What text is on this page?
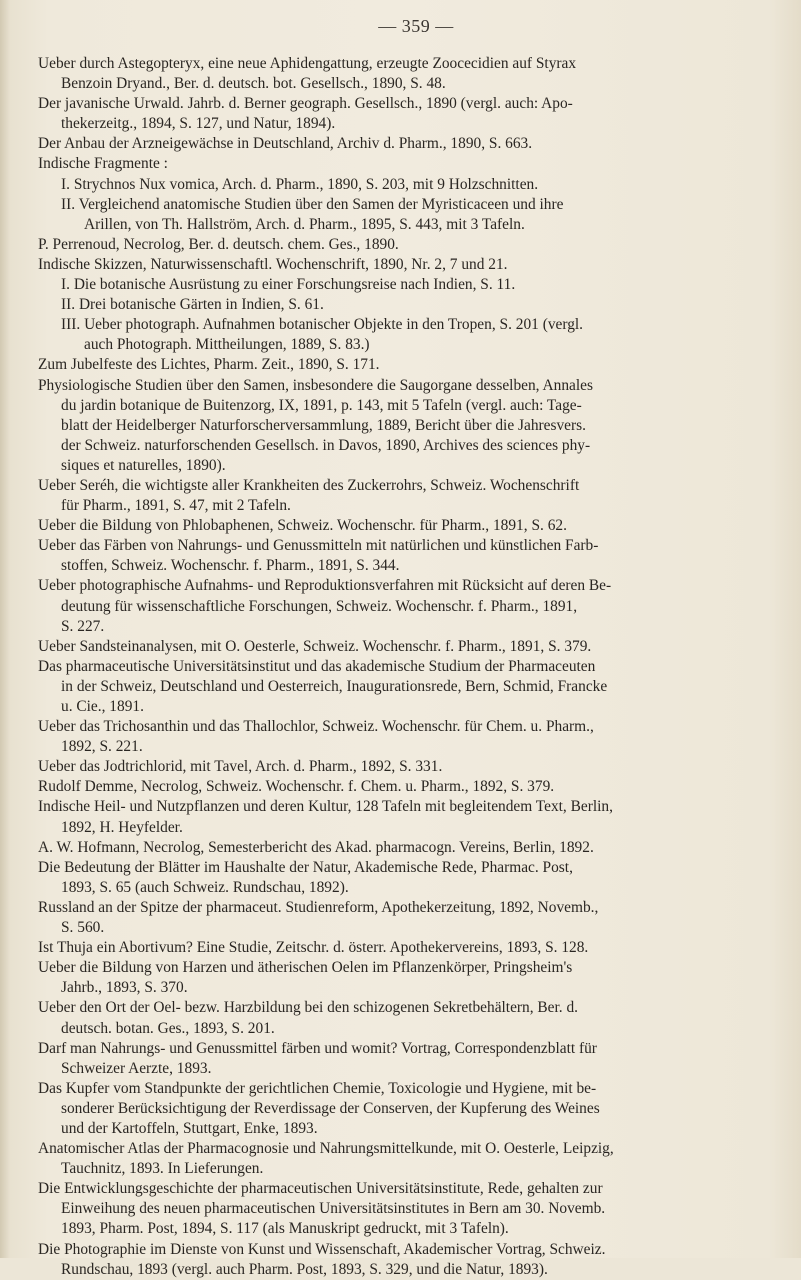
— 359 —
Ueber durch Astegopteryx, eine neue Aphidengattung, erzeugte Zoocecidien auf Styrax
Benzoin Dryand., Ber. d. deutsch. bot. Gesellsch., 1890, S. 48.
Der javanische Urwald. Jahrb. d. Berner geograph. Gesellsch., 1890 (vergl. auch: Apo-
thekerzeitg., 1894, S. 127, und Natur, 1894).
Der Anbau der Arzneigewächse in Deutschland, Archiv d. Pharm., 1890, S. 663.
Indische Fragmente :
I. Strychnos Nux vomica, Arch. d. Pharm., 1890, S. 203, mit 9 Holzschnitten.
II. Vergleichend anatomische Studien über den Samen der Myristicaceen und ihre
Arillen, von Th. Hallström, Arch. d. Pharm., 1895, S. 443, mit 3 Tafeln.
P. Perrenoud, Necrolog, Ber. d. deutsch. chem. Ges., 1890.
Indische Skizzen, Naturwissenschaftl. Wochenschrift, 1890, Nr. 2, 7 und 21.
I. Die botanische Ausrüstung zu einer Forschungsreise nach Indien, S. 11.
II. Drei botanische Gärten in Indien, S. 61.
III. Ueber photograph. Aufnahmen botanischer Objekte in den Tropen, S. 201 (vergl.
auch Photograph. Mittheilungen, 1889, S. 83.)
Zum Jubelfeste des Lichtes, Pharm. Zeit., 1890, S. 171.
Physiologische Studien über den Samen, insbesondere die Saugorgane desselben, Annales
du jardin botanique de Buitenzorg, IX, 1891, p. 143, mit 5 Tafeln (vergl. auch: Tage-
blatt der Heidelberger Naturforscherversammlung, 1889, Bericht über die Jahresvers.
der Schweiz. naturforschenden Gesellsch. in Davos, 1890, Archives des sciences phy-
siques et naturelles, 1890).
Ueber Seréh, die wichtigste aller Krankheiten des Zuckerrohrs, Schweiz. Wochenschrift
für Pharm., 1891, S. 47, mit 2 Tafeln.
Ueber die Bildung von Phlobaphenen, Schweiz. Wochenschr. für Pharm., 1891, S. 62.
Ueber das Färben von Nahrungs- und Genussmitteln mit natürlichen und künstlichen Farb-
stoffen, Schweiz. Wochenschr. f. Pharm., 1891, S. 344.
Ueber photographische Aufnahms- und Reproduktionsverfahren mit Rücksicht auf deren Be-
deutung für wissenschaftliche Forschungen, Schweiz. Wochenschr. f. Pharm., 1891,
S. 227.
Ueber Sandsteinanalysen, mit O. Oesterle, Schweiz. Wochenschr. f. Pharm., 1891, S. 379.
Das pharmaceutische Universitätsinstitut und das akademische Studium der Pharmaceuten
in der Schweiz, Deutschland und Oesterreich, Inaugurationsrede, Bern, Schmid, Francke
u. Cie., 1891.
Ueber das Trichosanthin und das Thallochlor, Schweiz. Wochenschr. für Chem. u. Pharm.,
1892, S. 221.
Ueber das Jodtrichlorid, mit Tavel, Arch. d. Pharm., 1892, S. 331.
Rudolf Demme, Necrolog, Schweiz. Wochenschr. f. Chem. u. Pharm., 1892, S. 379.
Indische Heil- und Nutzpflanzen und deren Kultur, 128 Tafeln mit begleitendem Text, Berlin,
1892, H. Heyfelder.
A. W. Hofmann, Necrolog, Semesterbericht des Akad. pharmacogn. Vereins, Berlin, 1892.
Die Bedeutung der Blätter im Haushalte der Natur, Akademische Rede, Pharmac. Post,
1893, S. 65 (auch Schweiz. Rundschau, 1892).
Russland an der Spitze der pharmaceut. Studienreform, Apothekerzeitung, 1892, Novemb.,
S. 560.
Ist Thuja ein Abortivum? Eine Studie, Zeitschr. d. österr. Apothekervereins, 1893, S. 128.
Ueber die Bildung von Harzen und ätherischen Oelen im Pflanzenkörper, Pringsheim's
Jahrb., 1893, S. 370.
Ueber den Ort der Oel- bezw. Harzbildung bei den schizogenen Sekretbehältern, Ber. d.
deutsch. botan. Ges., 1893, S. 201.
Darf man Nahrungs- und Genussmittel färben und womit? Vortrag, Correspondenzblatt für
Schweizer Aerzte, 1893.
Das Kupfer vom Standpunkte der gerichtlichen Chemie, Toxicologie und Hygiene, mit be-
sonderer Berücksichtigung der Reverdissage der Conserven, der Kupferung des Weines
und der Kartoffeln, Stuttgart, Enke, 1893.
Anatomischer Atlas der Pharmacognosie und Nahrungsmittelkunde, mit O. Oesterle, Leipzig,
Tauchnitz, 1893. In Lieferungen.
Die Entwicklungsgeschichte der pharmaceutischen Universitätsinstitute, Rede, gehalten zur
Einweihung des neuen pharmaceutischen Universitätsinstitutes in Bern am 30. Novemb.
1893, Pharm. Post, 1894, S. 117 (als Manuskript gedruckt, mit 3 Tafeln).
Die Photographie im Dienste von Kunst und Wissenschaft, Akademischer Vortrag, Schweiz.
Rundschau, 1893 (vergl. auch Pharm. Post, 1893, S. 329, und die Natur, 1893).
